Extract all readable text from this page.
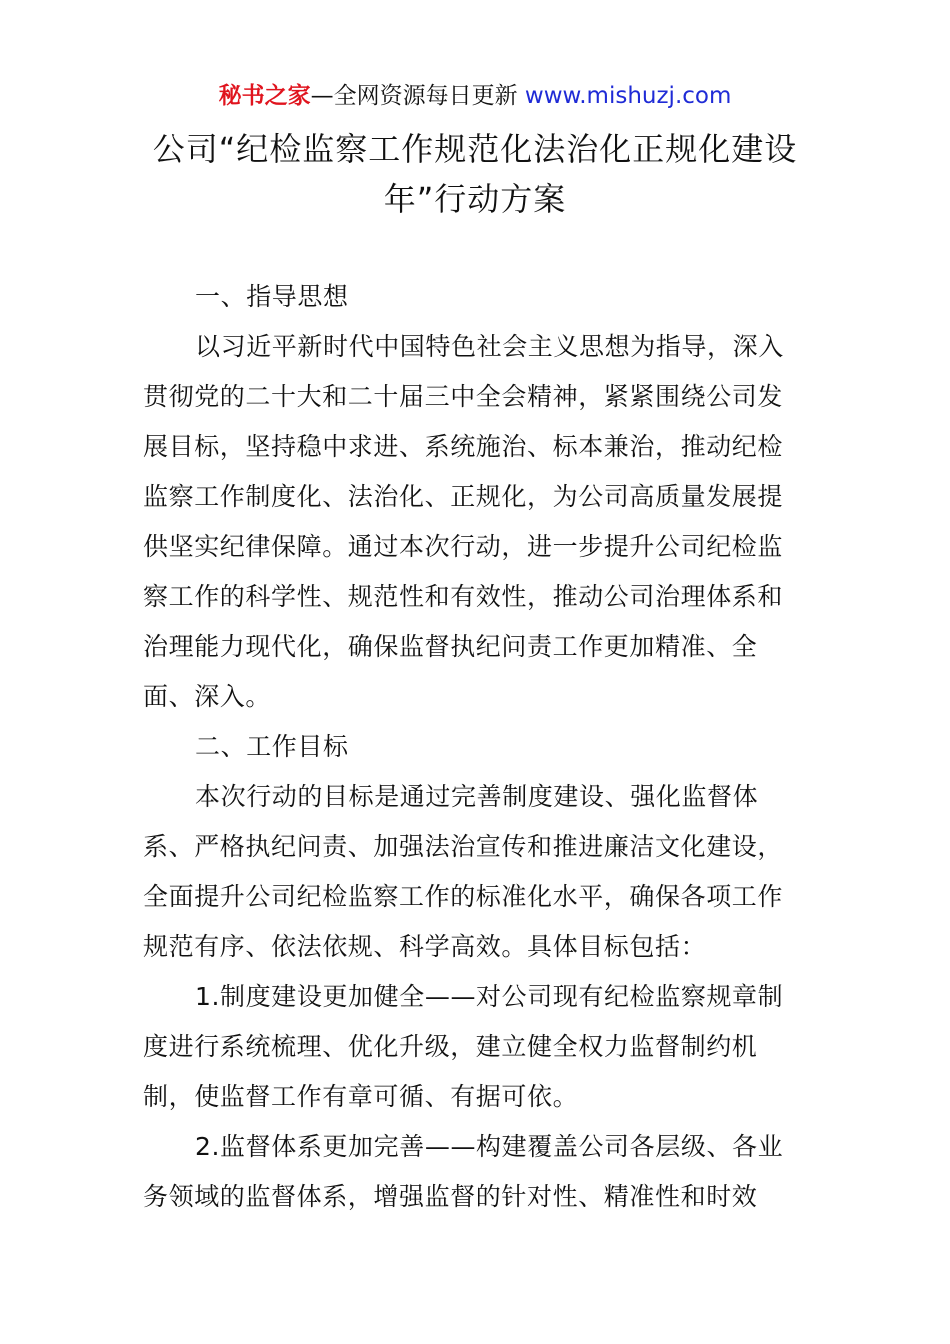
秘书之家—全网资源每日更新 www.mishuzj.com
公司“纪检监察工作规范化法治化正规化建设
年”行动方案

一、指导思想

以习近平新时代中国特色社会主义思想为指导，深入
贯彻党的二十大和二十届三中全会精神，紧紧围绕公司发
展目标，坚持稳中求进、系统施治、标本兼治，推动纪检
监察工作制度化、法治化、正规化，为公司高质量发展提
供坚实纪律保障。通过本次行动，进一步提升公司纪检监
察工作的科学性、规范性和有效性，推动公司治理体系和
治理能力现代化，确保监督执纪问责工作更加精准、全
面、深入。

二、工作目标

本次行动的目标是通过完善制度建设、强化监督体
系、严格执纪问责、加强法治宣传和推进廉洁文化建设，
全面提升公司纪检监察工作的标准化水平，确保各项工作
规范有序、依法依规、科学高效。具体目标包括：

1.制度建设更加健全——对公司现有纪检监察规章制
度进行系统梳理、优化升级，建立健全权力监督制约机
制，使监督工作有章可循、有据可依。

2.监督体系更加完善——构建覆盖公司各层级、各业
务领域的监督体系，增强监督的针对性、精准性和时效
